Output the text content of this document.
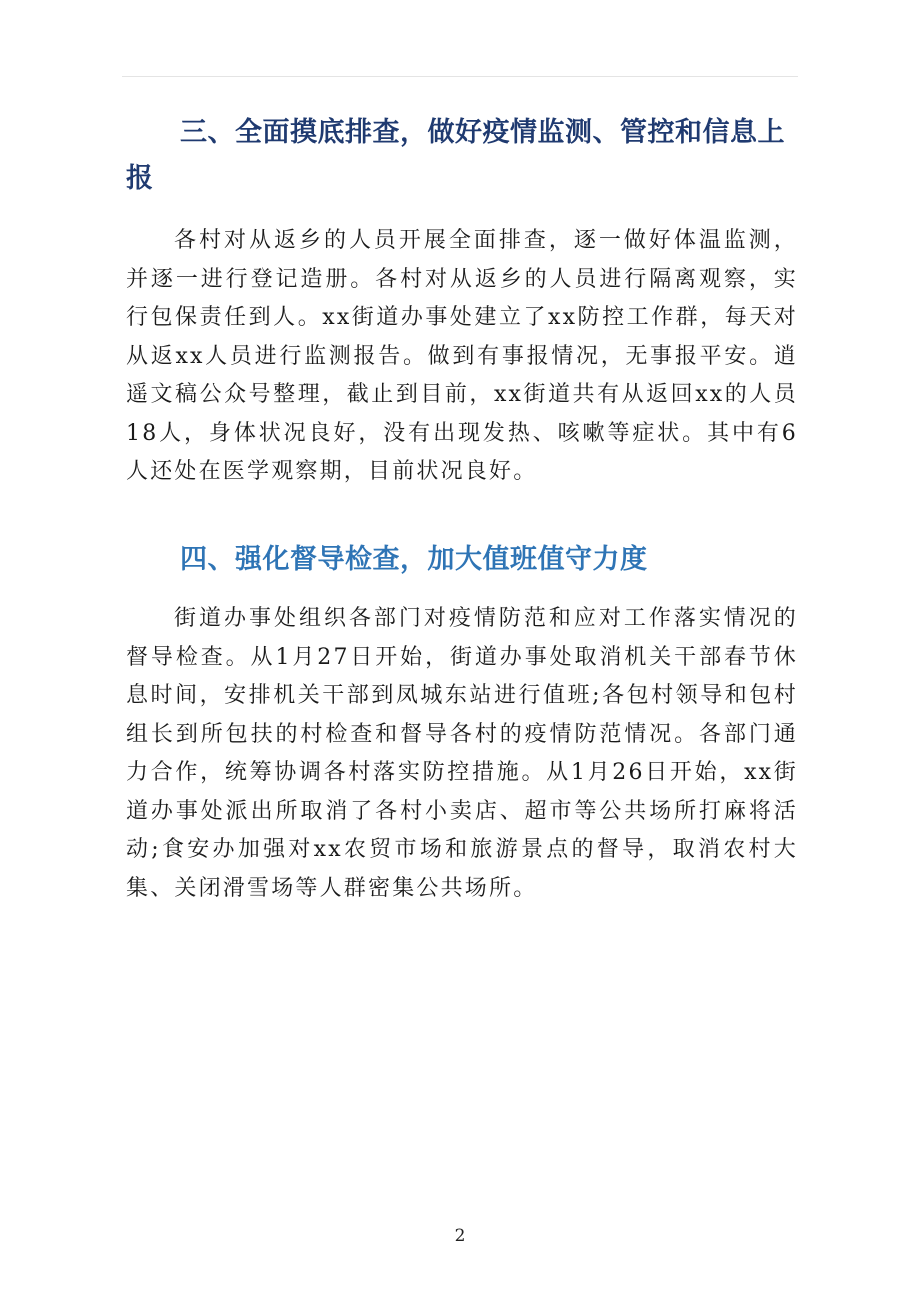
三、全面摸底排查，做好疫情监测、管控和信息上报

各村对从返乡的人员开展全面排查，逐一做好体温监测，并逐一进行登记造册。各村对从返乡的人员进行隔离观察，实行包保责任到人。xx街道办事处建立了xx防控工作群，每天对从返xx人员进行监测报告。做到有事报情况，无事报平安。逍遥文稿公众号整理，截止到目前，xx街道共有从返回xx的人员18人，身体状况良好，没有出现发热、咳嗽等症状。其中有6人还处在医学观察期，目前状况良好。

四、强化督导检查，加大值班值守力度

街道办事处组织各部门对疫情防范和应对工作落实情况的督导检查。从1月27日开始，街道办事处取消机关干部春节休息时间，安排机关干部到凤城东站进行值班;各包村领导和包村组长到所包扶的村检查和督导各村的疫情防范情况。各部门通力合作，统筹协调各村落实防控措施。从1月26日开始，xx街道办事处派出所取消了各村小卖店、超市等公共场所打麻将活动;食安办加强对xx农贸市场和旅游景点的督导，取消农村大集、关闭滑雪场等人群密集公共场所。

2
